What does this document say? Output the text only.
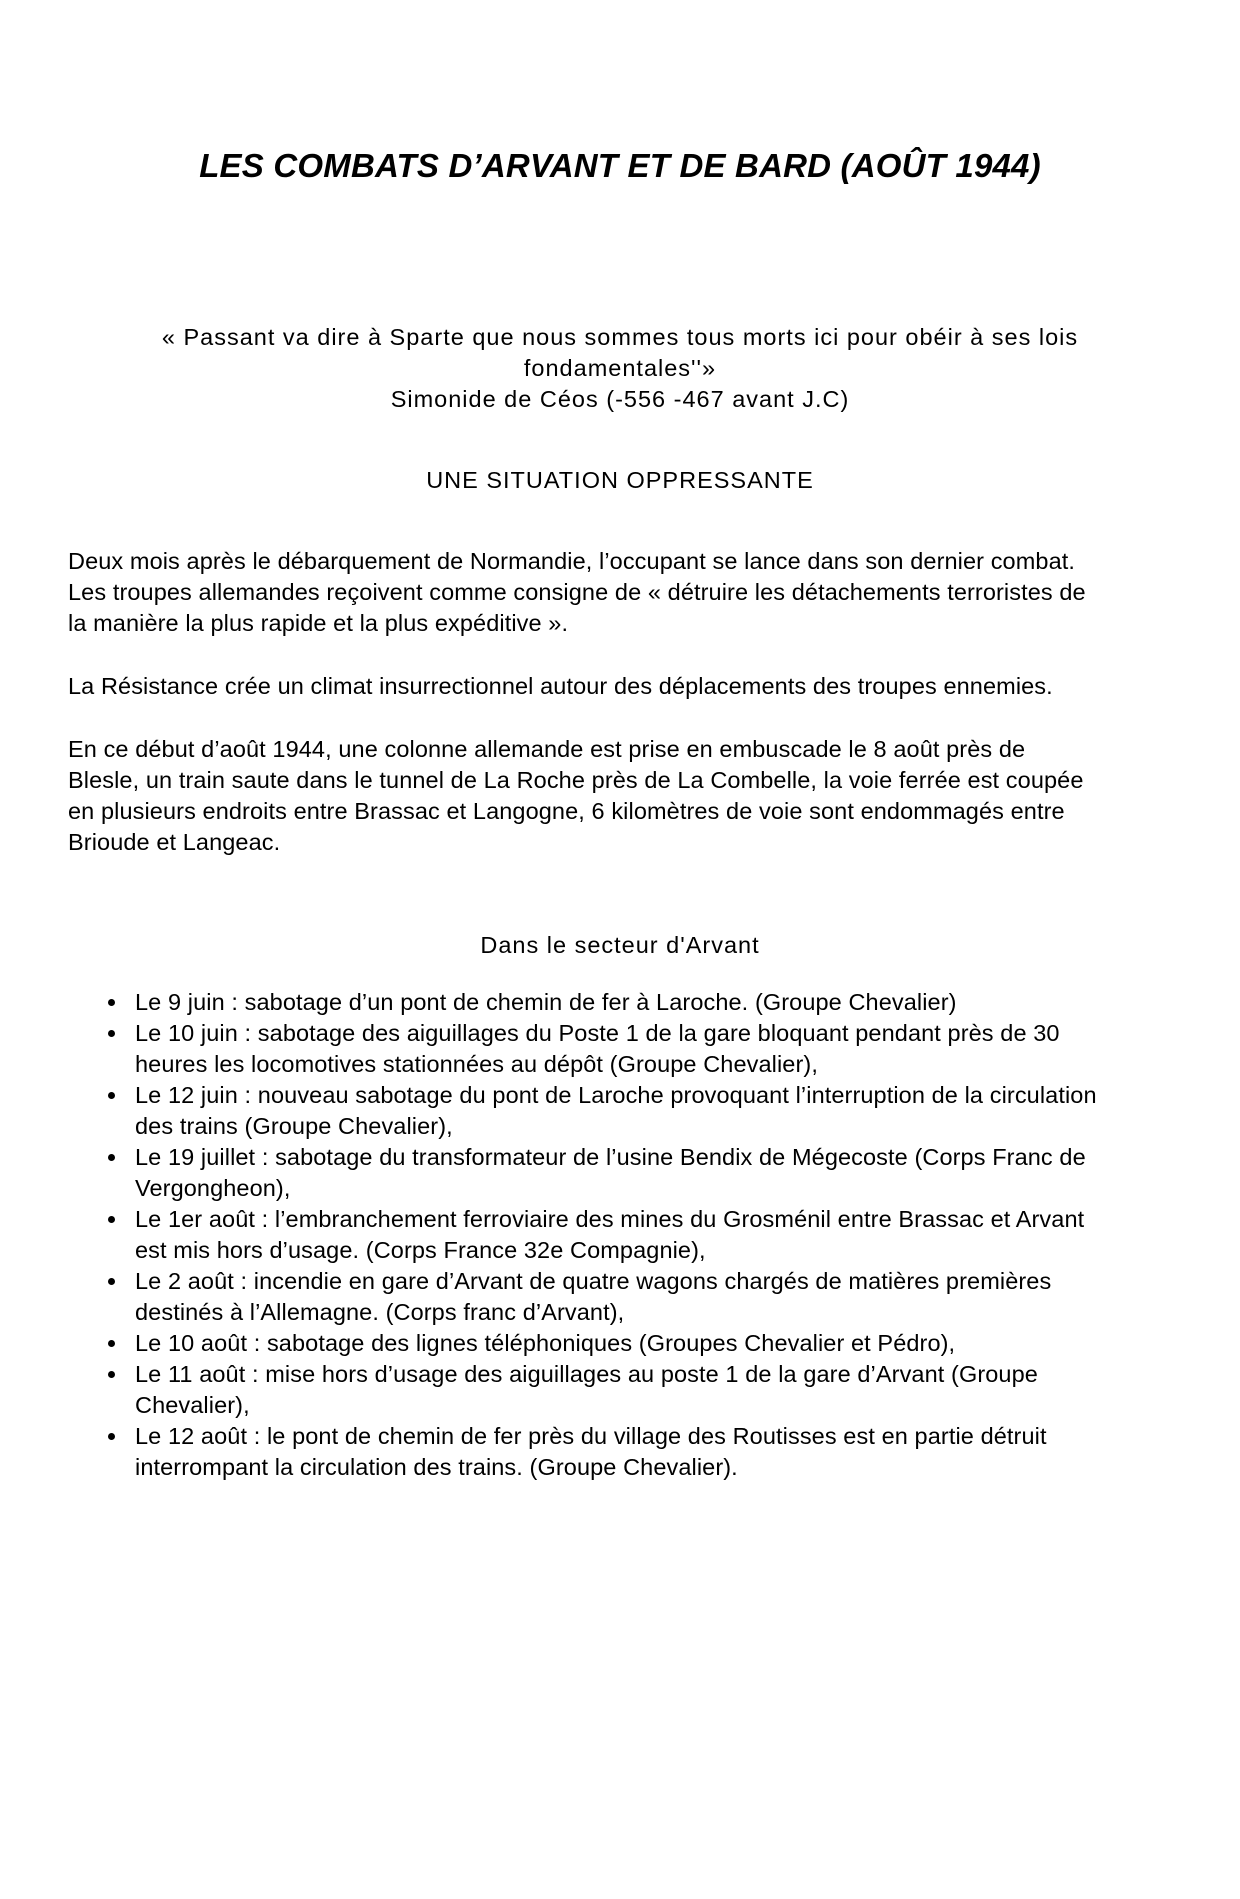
LES COMBATS D’ARVANT ET DE BARD (AOÛT 1944)
« Passant va dire à Sparte que nous sommes tous morts ici pour obéir à ses lois
fondamentales''»
Simonide de Céos (-556 -467 avant J.C)
UNE SITUATION OPPRESSANTE
Deux mois après le débarquement de Normandie, l’occupant se lance dans son dernier combat.
Les troupes allemandes reçoivent comme consigne de « détruire les détachements terroristes de
la manière la plus rapide et la plus expéditive ».
La Résistance crée un climat insurrectionnel autour des déplacements des troupes ennemies.
En ce début d’août 1944, une colonne allemande est prise en embuscade le 8 août près de
Blesle, un train saute dans le tunnel de La Roche près de La Combelle, la voie ferrée est coupée
en plusieurs endroits entre Brassac et Langogne, 6 kilomètres de voie sont endommagés entre
Brioude et Langeac.
Dans le secteur d'Arvant
Le 9 juin : sabotage d’un pont de chemin de fer à Laroche. (Groupe Chevalier)
Le 10 juin : sabotage des aiguillages du Poste 1 de la gare bloquant pendant près de 30
heures les locomotives stationnées au dépôt (Groupe Chevalier),
Le 12 juin : nouveau sabotage du pont de Laroche provoquant l’interruption de la circulation
des trains (Groupe Chevalier),
Le 19 juillet : sabotage du transformateur de l’usine Bendix de Mégecoste (Corps Franc de
Vergongheon),
Le 1er août : l’embranchement ferroviaire des mines du Grosménil entre Brassac et Arvant
est mis hors d’usage. (Corps France 32e Compagnie),
Le 2 août : incendie en gare d’Arvant de quatre wagons chargés de matières premières
destinés à l’Allemagne. (Corps franc d’Arvant),
Le 10 août : sabotage des lignes téléphoniques (Groupes Chevalier et Pédro),
Le 11 août : mise hors d’usage des aiguillages au poste 1 de la gare d’Arvant (Groupe
Chevalier),
Le 12 août : le pont de chemin de fer près du village des Routisses est en partie détruit
interrompant la circulation des trains. (Groupe Chevalier).
